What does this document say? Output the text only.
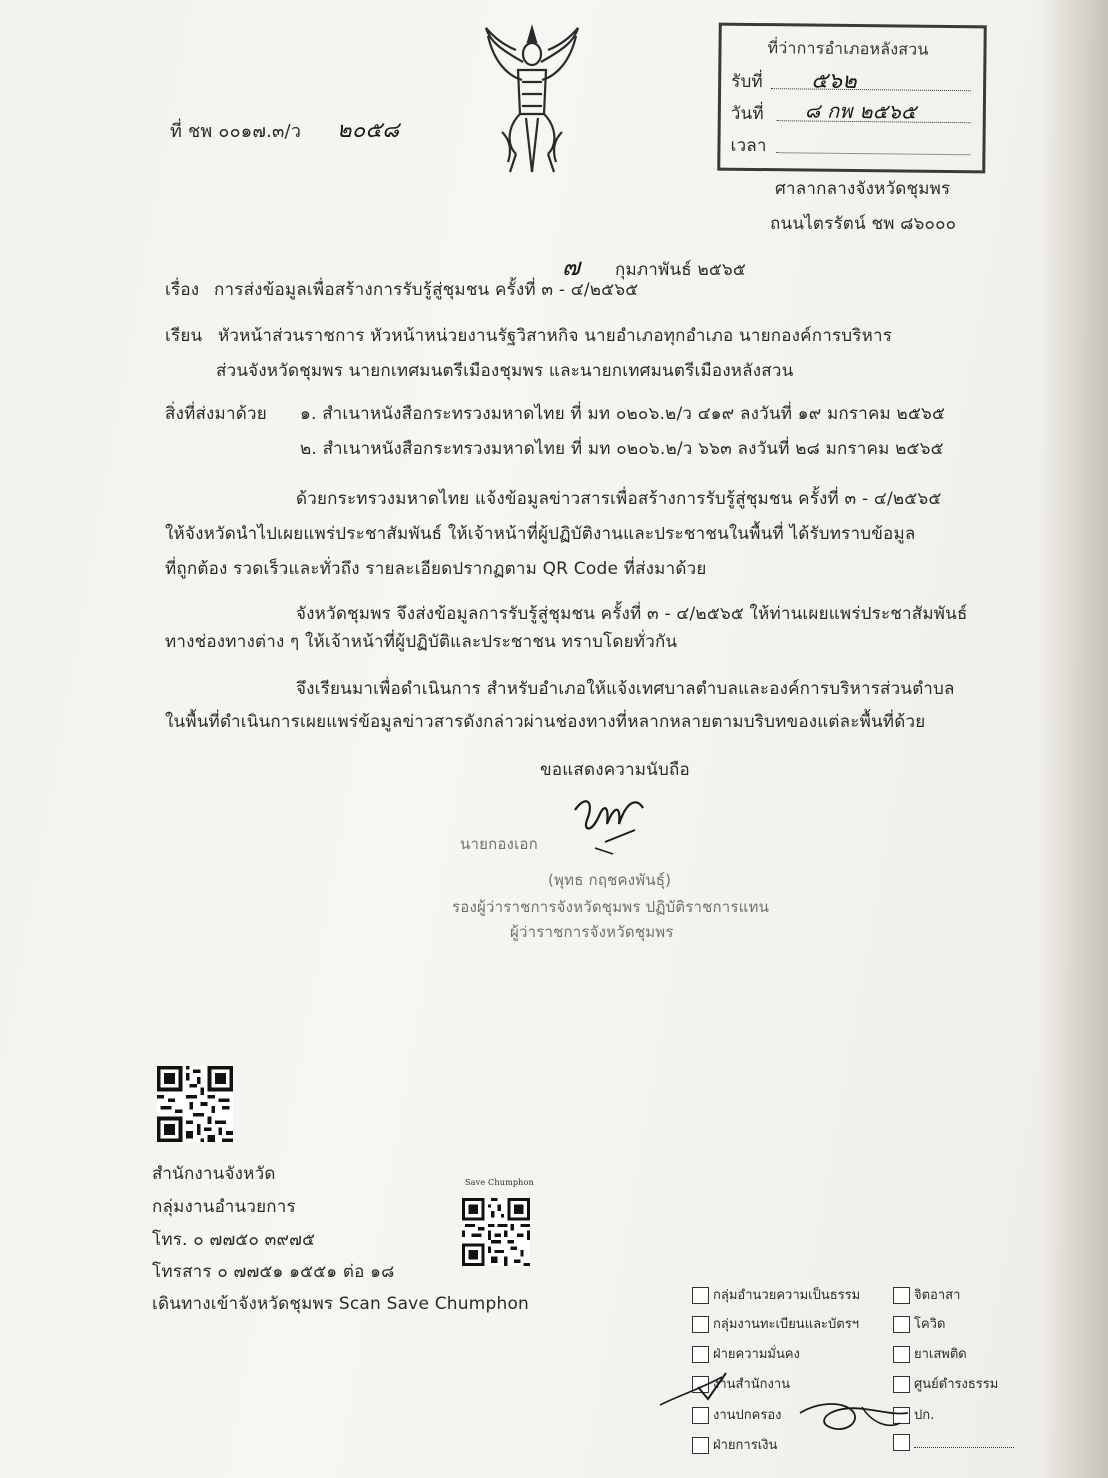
ที่ ชพ ๐๐๑๗.๓/ว ๒๐๕๘
ที่ว่าการอำเภอหลังสวน
รับที่ ๕๖๒
วันที่ ๘ กพ ๒๕๖๕
เวลา
ศาลากลางจังหวัดชุมพร
ถนนไตรรัตน์ ชพ ๘๖๐๐๐
๗ กุมภาพันธ์ ๒๕๖๕
เรื่อง การส่งข้อมูลเพื่อสร้างการรับรู้สู่ชุมชน ครั้งที่ ๓ - ๔/๒๕๖๕
เรียน หัวหน้าส่วนราชการ หัวหน้าหน่วยงานรัฐวิสาหกิจ นายอำเภอทุกอำเภอ นายกองค์การบริหาร
ส่วนจังหวัดชุมพร นายกเทศมนตรีเมืองชุมพร และนายกเทศมนตรีเมืองหลังสวน
สิ่งที่ส่งมาด้วย ๑. สำเนาหนังสือกระทรวงมหาดไทย ที่ มท ๐๒๐๖.๒/ว ๔๑๙ ลงวันที่ ๑๙ มกราคม ๒๕๖๕
๒. สำเนาหนังสือกระทรวงมหาดไทย ที่ มท ๐๒๐๖.๒/ว ๖๖๓ ลงวันที่ ๒๘ มกราคม ๒๕๖๕
ด้วยกระทรวงมหาดไทย แจ้งข้อมูลข่าวสารเพื่อสร้างการรับรู้สู่ชุมชน ครั้งที่ ๓ - ๔/๒๕๖๕
ให้จังหวัดนำไปเผยแพร่ประชาสัมพันธ์ ให้เจ้าหน้าที่ผู้ปฏิบัติงานและประชาชนในพื้นที่ ได้รับทราบข้อมูล
ที่ถูกต้อง รวดเร็วและทั่วถึง รายละเอียดปรากฏตาม QR Code ที่ส่งมาด้วย
จังหวัดชุมพร จึงส่งข้อมูลการรับรู้สู่ชุมชน ครั้งที่ ๓ - ๔/๒๕๖๕ ให้ท่านเผยแพร่ประชาสัมพันธ์
ทางช่องทางต่าง ๆ ให้เจ้าหน้าที่ผู้ปฏิบัติและประชาชน ทราบโดยทั่วกัน
จึงเรียนมาเพื่อดำเนินการ สำหรับอำเภอให้แจ้งเทศบาลตำบลและองค์การบริหารส่วนตำบล
ในพื้นที่ดำเนินการเผยแพร่ข้อมูลข่าวสารดังกล่าวผ่านช่องทางที่หลากหลายตามบริบทของแต่ละพื้นที่ด้วย
ขอแสดงความนับถือ
นายกองเอก
(พุทธ กฤชคงพันธุ์)
รองผู้ว่าราชการจังหวัดชุมพร ปฏิบัติราชการแทน
ผู้ว่าราชการจังหวัดชุมพร
สำนักงานจังหวัด
กลุ่มงานอำนวยการ
โทร. ๐ ๗๗๕๐ ๓๙๗๕
โทรสาร ๐ ๗๗๕๑ ๑๕๕๑ ต่อ ๑๘
เดินทางเข้าจังหวัดชุมพร Scan Save Chumphon
Save Chumphon
กลุ่มอำนวยความเป็นธรรม
กลุ่มงานทะเบียนและบัตรฯ
ฝ่ายความมั่นคง
งานสำนักงาน
งานปกครอง
ฝ่ายการเงิน
จิตอาสา
โควิด
ยาเสพติด
ศูนย์ดำรงธรรม
ปก.
